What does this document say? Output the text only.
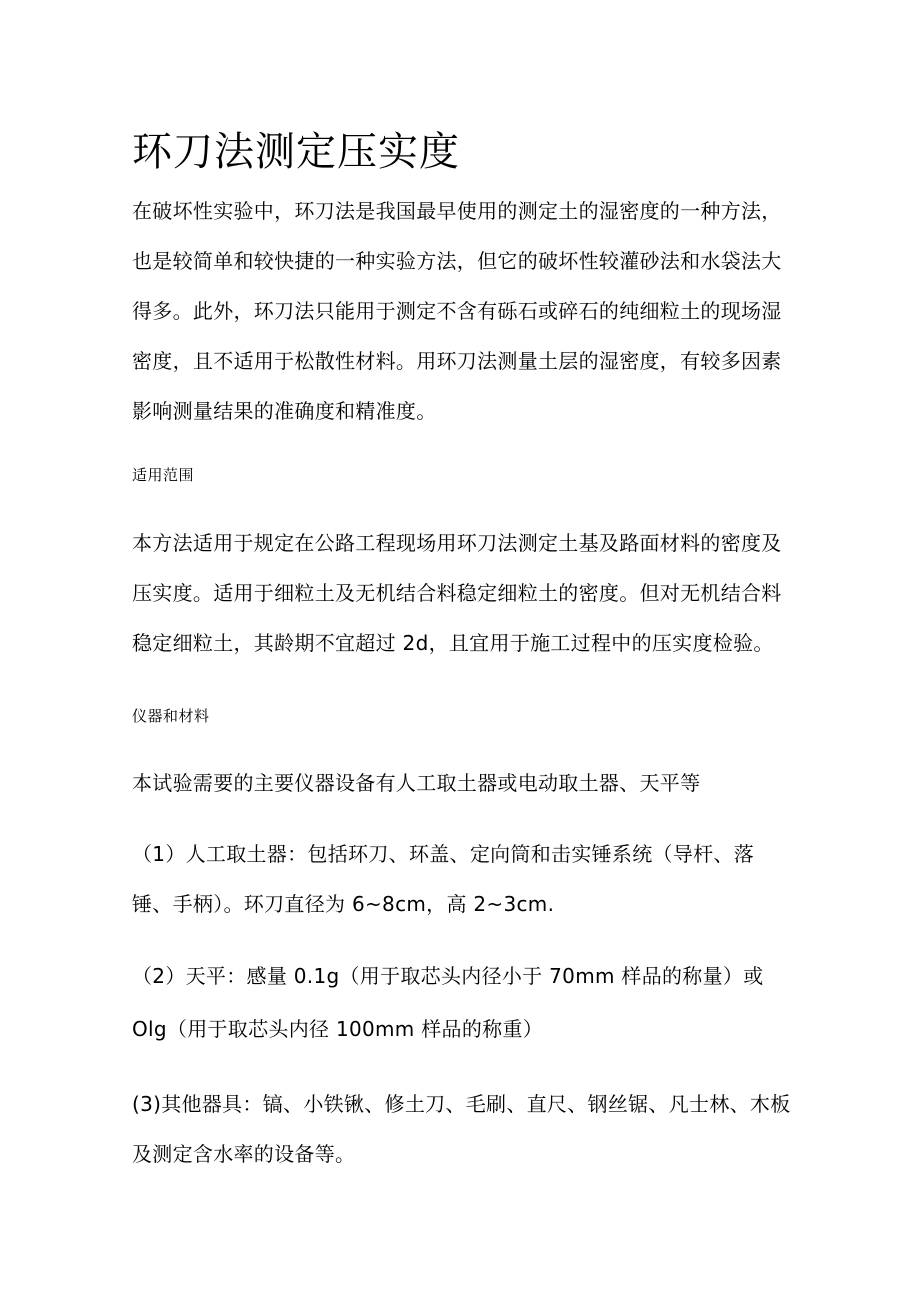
环刀法测定压实度

在破坏性实验中，环刀法是我国最早使用的测定土的湿密度的一种方法，也是较简单和较快捷的一种实验方法，但它的破坏性较灌砂法和水袋法大得多。此外，环刀法只能用于测定不含有砾石或碎石的纯细粒土的现场湿密度，且不适用于松散性材料。用环刀法测量土层的湿密度，有较多因素影响测量结果的准确度和精准度。

适用范围

本方法适用于规定在公路工程现场用环刀法测定土基及路面材料的密度及压实度。适用于细粒土及无机结合料稳定细粒土的密度。但对无机结合料稳定细粒土，其龄期不宜超过 2d，且宜用于施工过程中的压实度检验。

仪器和材料

本试验需要的主要仪器设备有人工取土器或电动取土器、天平等

（1）人工取土器：包括环刀、环盖、定向筒和击实锤系统（导杆、落锤、手柄）。环刀直径为 6~8cm，高 2~3cm.

（2）天平：感量 0.1g（用于取芯头内径小于 70mm 样品的称量）或

Olg（用于取芯头内径 100mm 样品的称重）

(3)其他器具：镐、小铁锹、修土刀、毛刷、直尺、钢丝锯、凡士林、木板及测定含水率的设备等。
